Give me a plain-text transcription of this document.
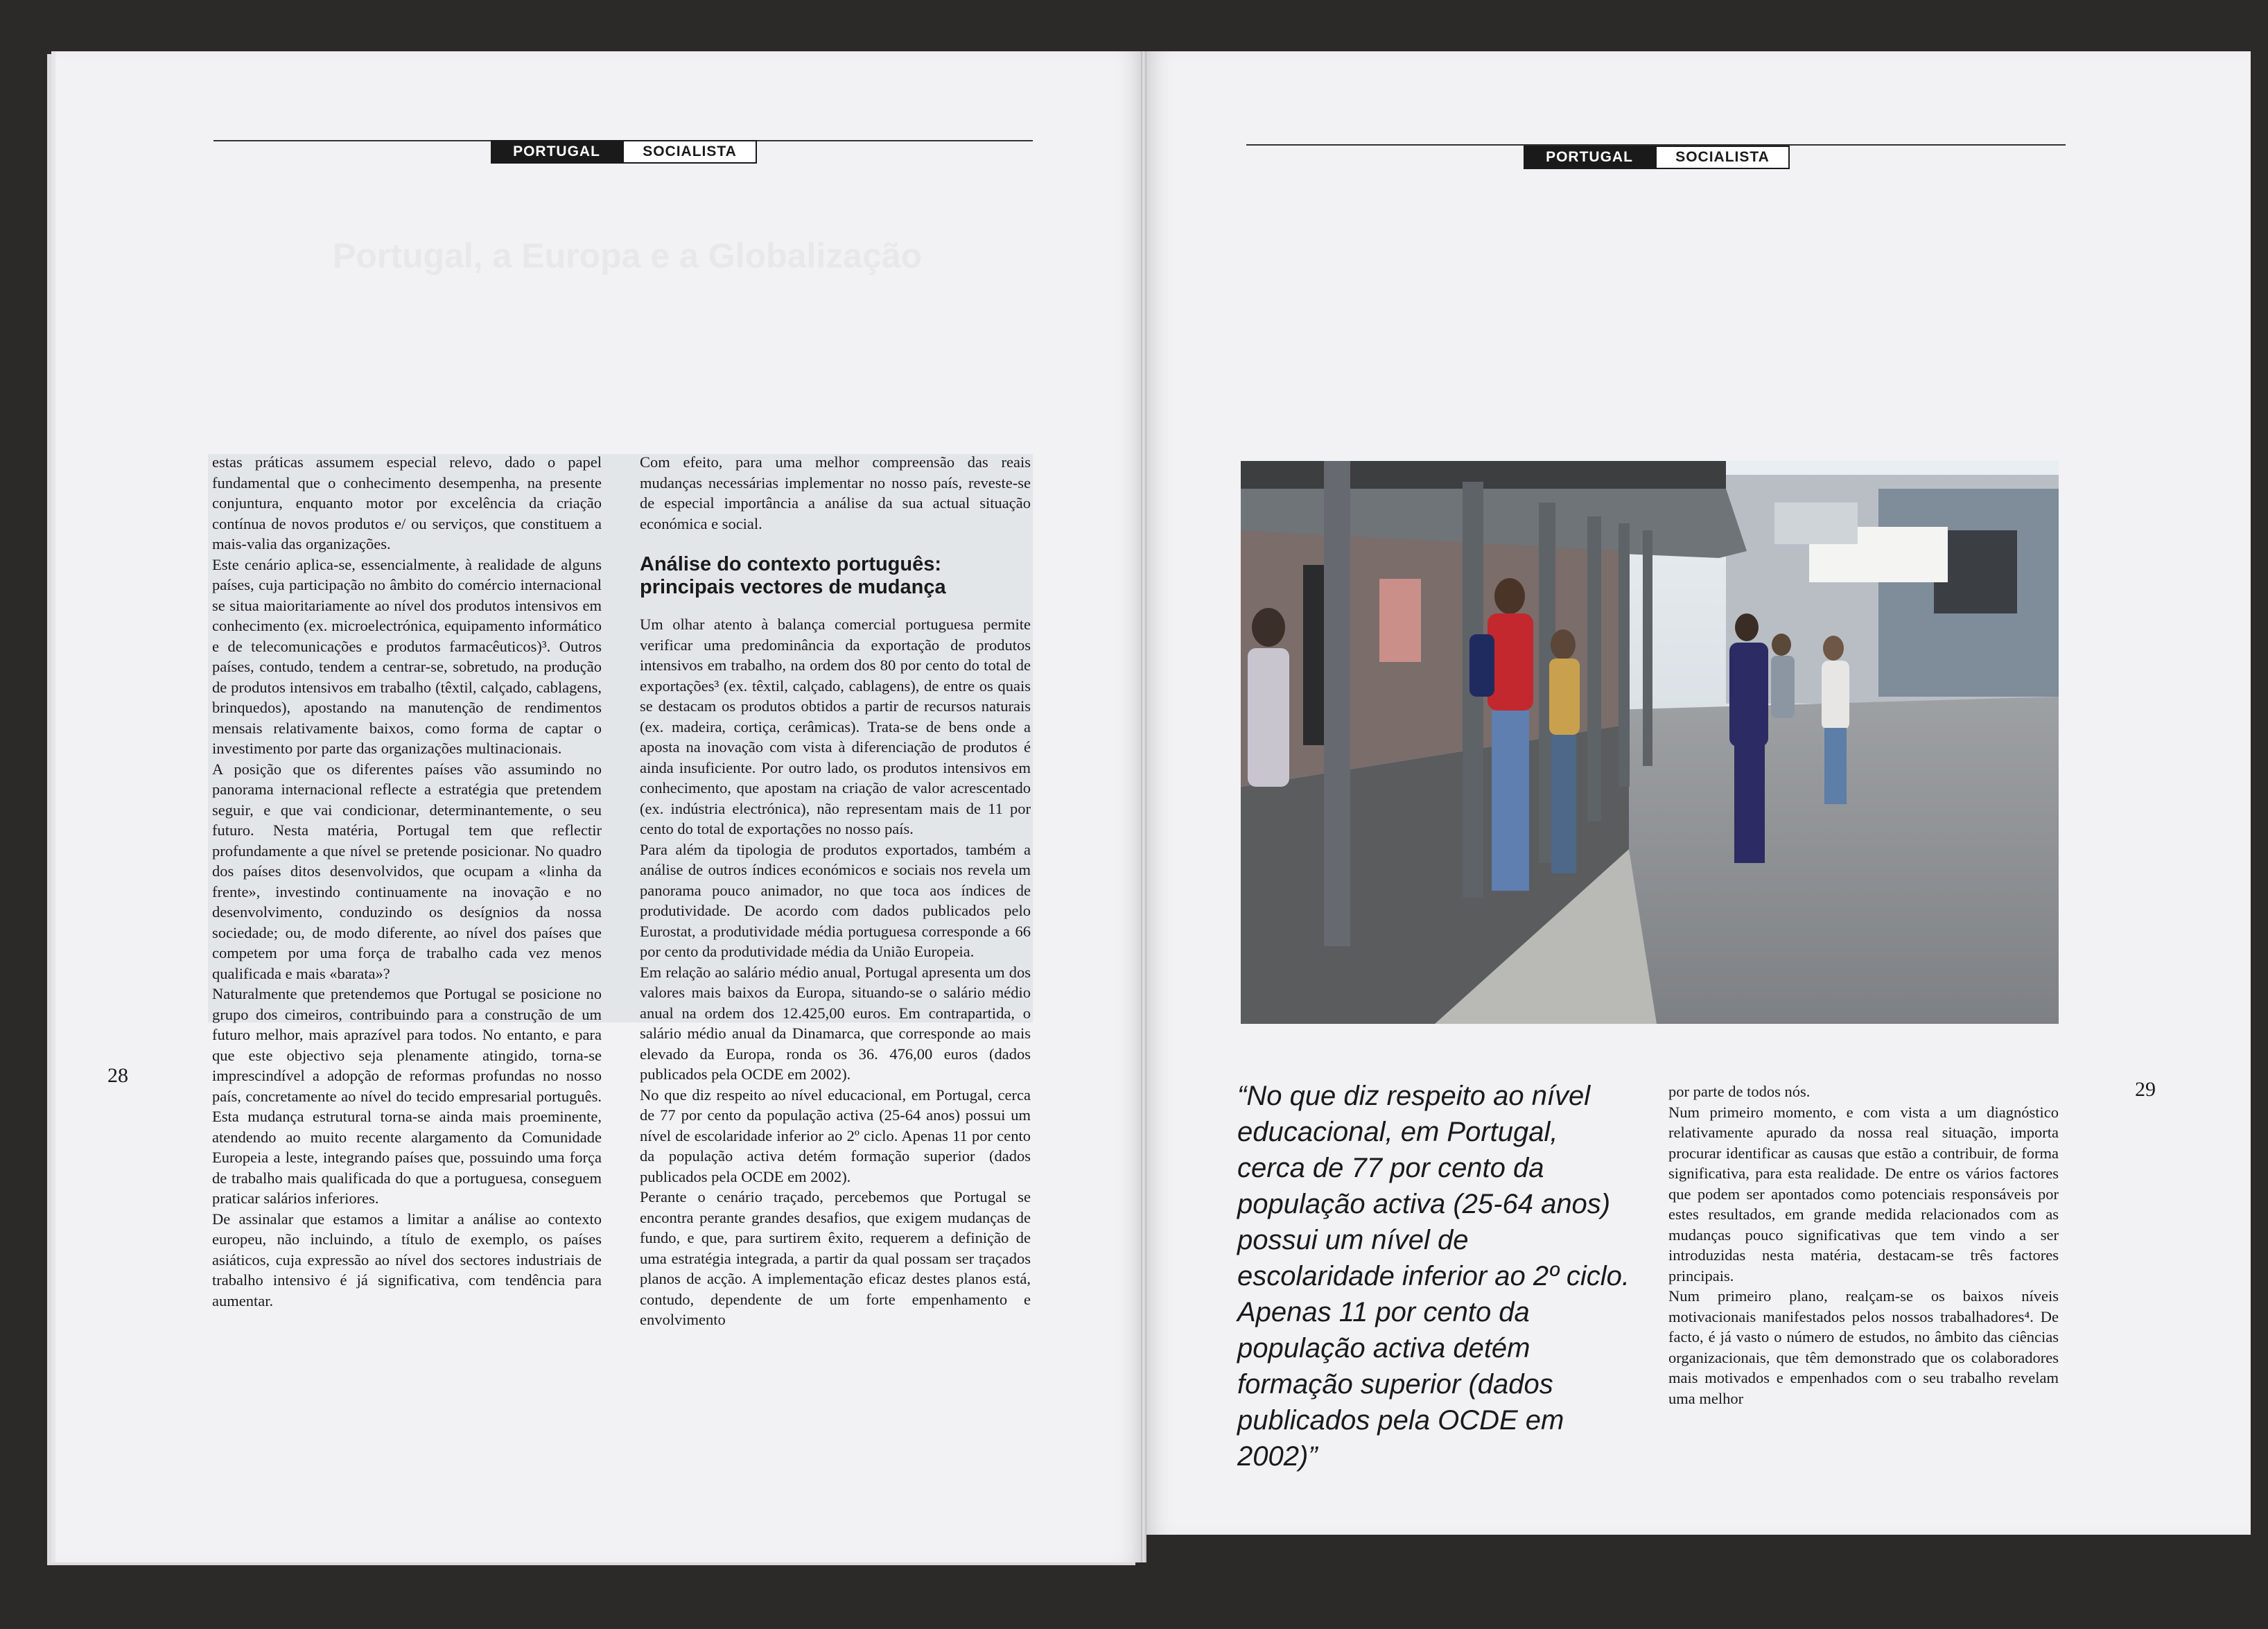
PORTUGAL	SOCIALISTA	PORTUGAL	SOCIALISTA
Portugal, a Europa e a Globalização

estas práticas assumem especial relevo, dado o papel fundamental que o conhecimento desempenha, na presente conjuntura, enquanto motor por excelência da criação contínua de novos produtos e/ ou serviços, que constituem a mais-valia das organizações.

Este cenário aplica-se, essencialmente, à realidade de alguns países, cuja participação no âmbito do comércio internacional se situa maioritariamente ao nível dos produtos intensivos em conhecimento (ex. microelectrónica, equipamento informático e de telecomunicações e produtos farmacêuticos)³. Outros países, contudo, tendem a centrar-se, sobretudo, na produção de produtos intensivos em trabalho (têxtil, calçado, cablagens, brinquedos), apostando na manutenção de rendimentos mensais relativamente baixos, como forma de captar o investimento por parte das organizações multinacionais.

A posição que os diferentes países vão assumindo no panorama internacional reflecte a estratégia que pretendem seguir, e que vai condicionar, determinantemente, o seu futuro. Nesta matéria, Portugal tem que reflectir profundamente a que nível se pretende posicionar. No quadro dos países ditos desenvolvidos, que ocupam a «linha da frente», investindo continuamente na inovação e no desenvolvimento, conduzindo os desígnios da nossa sociedade; ou, de modo diferente, ao nível dos países que competem por uma força de trabalho cada vez menos qualificada e mais «barata»?

Naturalmente que pretendemos que Portugal se posicione no grupo dos cimeiros, contribuindo para a construção de um futuro melhor, mais aprazível para todos. No entanto, e para que este objectivo seja plenamente atingido, torna-se imprescindível a adopção de reformas profundas no nosso país, concretamente ao nível do tecido empresarial português. Esta mudança estrutural torna-se ainda mais proeminente, atendendo ao muito recente alargamento da Comunidade Europeia a leste, integrando países que, possuindo uma força de trabalho mais qualificada do que a portuguesa, conseguem praticar salários inferiores.

De assinalar que estamos a limitar a análise ao contexto europeu, não incluindo, a título de exemplo, os países asiáticos, cuja expressão ao nível dos sectores industriais de trabalho intensivo é já significativa, com tendência para aumentar.

Com efeito, para uma melhor compreensão das reais mudanças necessárias implementar no nosso país, reveste-se de especial importância a análise da sua actual situação económica e social.

Análise do contexto português: principais vectores de mudança

Um olhar atento à balança comercial portuguesa permite verificar uma predominância da exportação de produtos intensivos em trabalho, na ordem dos 80 por cento do total de exportações³ (ex. têxtil, calçado, cablagens), de entre os quais se destacam os produtos obtidos a partir de recursos naturais (ex. madeira, cortiça, cerâmicas). Trata-se de bens onde a aposta na inovação com vista à diferenciação de produtos é ainda insuficiente. Por outro lado, os produtos intensivos em conhecimento, que apostam na criação de valor acrescentado (ex. indústria electrónica), não representam mais de 11 por cento do total de exportações no nosso país.

Para além da tipologia de produtos exportados, também a análise de outros índices económicos e sociais nos revela um panorama pouco animador, no que toca aos índices de produtividade. De acordo com dados publicados pelo Eurostat, a produtividade média portuguesa corresponde a 66 por cento da produtividade média da União Europeia.

Em relação ao salário médio anual, Portugal apresenta um dos valores mais baixos da Europa, situando-se o salário médio anual na ordem dos 12.425,00 euros. Em contrapartida, o salário médio anual da Dinamarca, que corresponde ao mais elevado da Europa, ronda os 36. 476,00 euros (dados publicados pela OCDE em 2002).

No que diz respeito ao nível educacional, em Portugal, cerca de 77 por cento da população activa (25-64 anos) possui um nível de escolaridade inferior ao 2º ciclo. Apenas 11 por cento da população activa detém formação superior (dados publicados pela OCDE em 2002).

Perante o cenário traçado, percebemos que Portugal se encontra perante grandes desafios, que exigem mudanças de fundo, e que, para surtirem êxito, requerem a definição de uma estratégia integrada, a partir da qual possam ser traçados planos de acção. A implementação eficaz destes planos está, contudo, dependente de um forte empenhamento e envolvimento

28
29
“No que diz respeito ao nível educacional, em Portugal, cerca de 77 por cento da população activa (25-64 anos) possui um nível de escolaridade inferior ao 2º ciclo. Apenas 11 por cento da população activa detém formação superior (dados publicados pela OCDE em 2002)”

por parte de todos nós.

Num primeiro momento, e com vista a um diagnóstico relativamente apurado da nossa real situação, importa procurar identificar as causas que estão a contribuir, de forma significativa, para esta realidade. De entre os vários factores que podem ser apontados como potenciais responsáveis por estes resultados, em grande medida relacionados com as mudanças pouco significativas que tem vindo a ser introduzidas nesta matéria, destacam-se três factores principais.

Num primeiro plano, realçam-se os baixos níveis motivacionais manifestados pelos nossos trabalhadores⁴. De facto, é já vasto o número de estudos, no âmbito das ciências organizacionais, que têm demonstrado que os colaboradores mais motivados e empenhados com o seu trabalho revelam uma melhor
